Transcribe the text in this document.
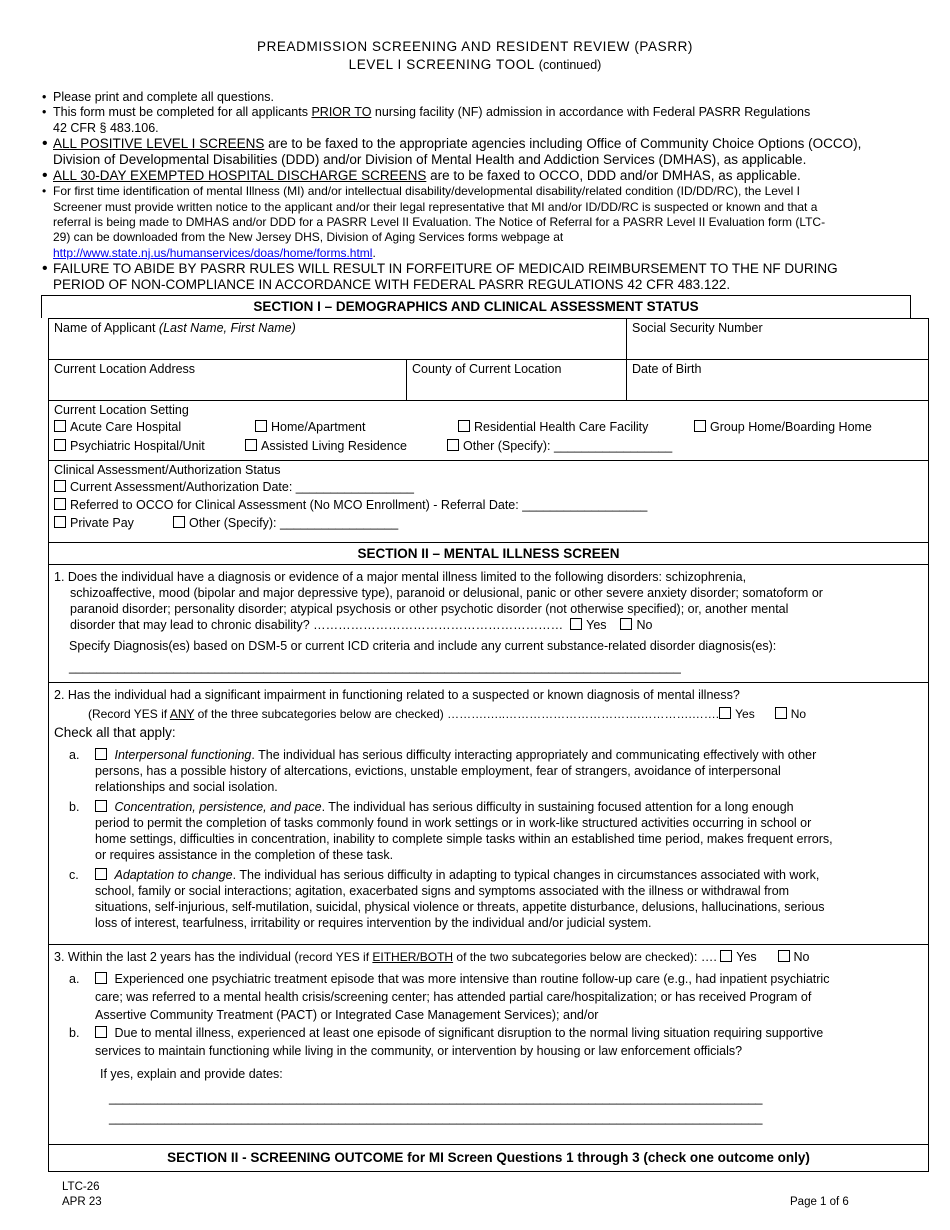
PREADMISSION SCREENING AND RESIDENT REVIEW (PASRR)
LEVEL I SCREENING TOOL (continued)
• Please print and complete all questions.
• This form must be completed for all applicants PRIOR TO nursing facility (NF) admission in accordance with Federal PASRR Regulations
42 CFR § 483.106.
• ALL POSITIVE LEVEL I SCREENS are to be faxed to the appropriate agencies including Office of Community Choice Options (OCCO),
Division of Developmental Disabilities (DDD) and/or Division of Mental Health and Addiction Services (DMHAS), as applicable.
• ALL 30-DAY EXEMPTED HOSPITAL DISCHARGE SCREENS are to be faxed to OCCO, DDD and/or DMHAS, as applicable.
• For first time identification of mental Illness (MI) and/or intellectual disability/developmental disability/related condition (ID/DD/RC), the Level I
Screener must provide written notice to the applicant and/or their legal representative that MI and/or ID/DD/RC is suspected or known and that a
referral is being made to DMHAS and/or DDD for a PASRR Level II Evaluation. The Notice of Referral for a PASRR Level II Evaluation form (LTC-
29) can be downloaded from the New Jersey DHS, Division of Aging Services forms webpage at
http://www.state.nj.us/humanservices/doas/home/forms.html.
• FAILURE TO ABIDE BY PASRR RULES WILL RESULT IN FORFEITURE OF MEDICAID REIMBURSEMENT TO THE NF DURING
PERIOD OF NON-COMPLIANCE IN ACCORDANCE WITH FEDERAL PASRR REGULATIONS 42 CFR 483.122.
SECTION I – DEMOGRAPHICS AND CLINICAL ASSESSMENT STATUS
Name of Applicant (Last Name, First Name)	Social Security Number
Current Location Address	County of Current Location	Date of Birth
Current Location Setting
Acute Care Hospital	Home/Apartment	Residential Health Care Facility	Group Home/Boarding Home
Psychiatric Hospital/Unit	Assisted Living Residence	Other (Specify): _________________
Clinical Assessment/Authorization Status
Current Assessment/Authorization Date: _________________
Referred to OCCO for Clinical Assessment (No MCO Enrollment) - Referral Date: __________________
Private Pay	Other (Specify): _________________
SECTION II – MENTAL ILLNESS SCREEN
1. Does the individual have a diagnosis or evidence of a major mental illness limited to the following disorders: schizophrenia,
schizoaffective, mood (bipolar and major depressive type), paranoid or delusional, panic or other severe anxiety disorder; somatoform or
paranoid disorder; personality disorder; atypical psychosis or other psychotic disorder (not otherwise specified); or, another mental
disorder that may lead to chronic disability? …………………………………………………… Yes No
Specify Diagnosis(es) based on DSM-5 or current ICD criteria and include any current substance-related disorder diagnosis(es):
________________________________________________________________________________________
2. Has the individual had a significant impairment in functioning related to a suspected or known diagnosis of mental illness?
(Record YES if ANY of the three subcategories below are checked) ……….…..…………………………….………….……. Yes	No
Check all that apply:
a.	Interpersonal functioning. The individual has serious difficulty interacting appropriately and communicating effectively with other
persons, has a possible history of altercations, evictions, unstable employment, fear of strangers, avoidance of interpersonal
relationships and social isolation.
b.	Concentration, persistence, and pace. The individual has serious difficulty in sustaining focused attention for a long enough
period to permit the completion of tasks commonly found in work settings or in work-like structured activities occurring in school or
home settings, difficulties in concentration, inability to complete simple tasks within an established time period, makes frequent errors,
or requires assistance in the completion of these task.
c.	Adaptation to change. The individual has serious difficulty in adapting to typical changes in circumstances associated with work,
school, family or social interactions; agitation, exacerbated signs and symptoms associated with the illness or withdrawal from
situations, self-injurious, self-mutilation, suicidal, physical violence or threats, appetite disturbance, delusions, hallucinations, serious
loss of interest, tearfulness, irritability or requires intervention by the individual and/or judicial system.
3. Within the last 2 years has the individual (record YES if EITHER/BOTH of the two subcategories below are checked): …. Yes	No
a.	Experienced one psychiatric treatment episode that was more intensive than routine follow-up care (e.g., had inpatient psychiatric
care; was referred to a mental health crisis/screening center; has attended partial care/hospitalization; or has received Program of
Assertive Community Treatment (PACT) or Integrated Case Management Services); and/or
b.	Due to mental illness, experienced at least one episode of significant disruption to the normal living situation requiring supportive
services to maintain functioning while living in the community, or intervention by housing or law enforcement officials?
If yes, explain and provide dates:
______________________________________________________________________________________________
______________________________________________________________________________________________
SECTION II - SCREENING OUTCOME for MI Screen Questions 1 through 3 (check one outcome only)
LTC-26
APR 23	Page 1 of 6
